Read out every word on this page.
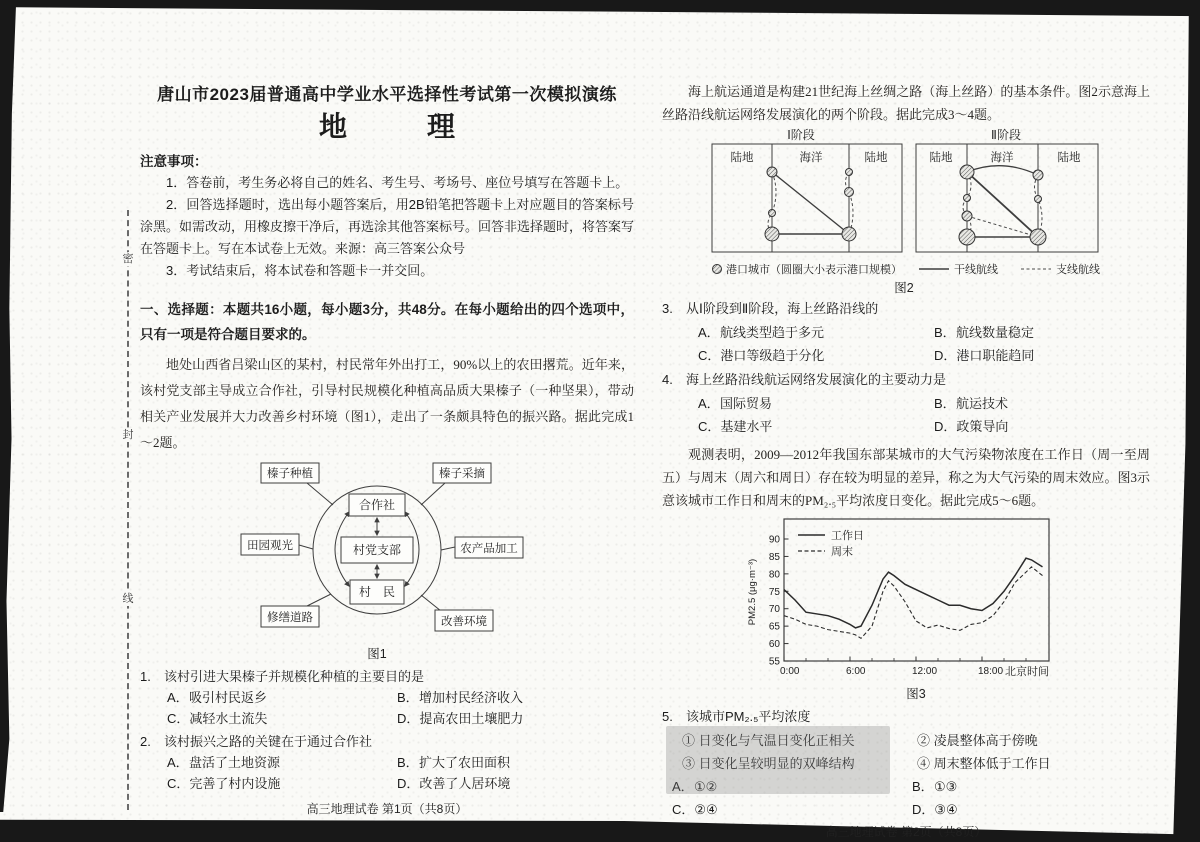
密
封
线
唐山市2023届普通高中学业水平选择性考试第一次模拟演练
地　理
注意事项：
1．答卷前，考生务必将自己的姓名、考生号、考场号、座位号填写在答题卡上。
2．回答选择题时，选出每小题答案后，用2B铅笔把答题卡上对应题目的答案标号涂黑。如需改动，用橡皮擦干净后，再选涂其他答案标号。回答非选择题时，将答案写在答题卡上。写在本试卷上无效。来源：高三答案公众号
3．考试结束后，将本试卷和答题卡一并交回。
一、选择题：本题共16小题，每小题3分，共48分。在每小题给出的四个选项中，只有一项是符合题目要求的。
地处山西省吕梁山区的某村，村民常年外出打工，90%以上的农田撂荒。近年来，该村党支部主导成立合作社，引导村民规模化种植高品质大果榛子（一种坚果），带动相关产业发展并大力改善乡村环境（图1），走出了一条颇具特色的振兴路。据此完成1～2题。
合作社
村党支部
村　民
榛子种植	榛子采摘
田园观光	农产品加工
修缮道路	改善环境
图1
1.	该村引进大果榛子并规模化种植的主要目的是
A．吸引村民返乡	B．增加村民经济收入
C．减轻水土流失	D．提高农田土壤肥力
2.	该村振兴之路的关键在于通过合作社
A．盘活了土地资源	B．扩大了农田面积
C．完善了村内设施	D．改善了人居环境
高三地理试卷 第1页（共8页）
海上航运通道是构建21世纪海上丝绸之路（海上丝路）的基本条件。图2示意海上丝路沿线航运网络发展演化的两个阶段。据此完成3～4题。
Ⅰ阶段
陆地	海洋	陆地
Ⅱ阶段
陆地	海洋	陆地
港口城市（圆圈大小表示港口规模）	干线航线	支线航线
图2
3.	从Ⅰ阶段到Ⅱ阶段，海上丝路沿线的
A．航线类型趋于多元	B．航线数量稳定
C．港口等级趋于分化	D．港口职能趋同
4.	海上丝路沿线航运网络发展演化的主要动力是
A．国际贸易	B．航运技术
C．基建水平	D．政策导向
观测表明，2009—2012年我国东部某城市的大气污染物浓度在工作日（周一至周五）与周末（周六和周日）存在较为明显的差异，称之为大气污染的周末效应。图3示意该城市工作日和周末的PM₂.₅平均浓度日变化。据此完成5～6题。
55
60
65
70
75
80
85
90
0:00	6:00	12:00	18:00
工作日
周末
PM2.5 (μg·m⁻³)
北京时间
图3
5.	该城市PM₂.₅平均浓度
① 日变化与气温日变化正相关	② 凌晨整体高于傍晚
③ 日变化呈较明显的双峰结构	④ 周末整体低于工作日
A．①②	B．①③
C．②④	D．③④
高三地理试卷 第2页（共8页）
